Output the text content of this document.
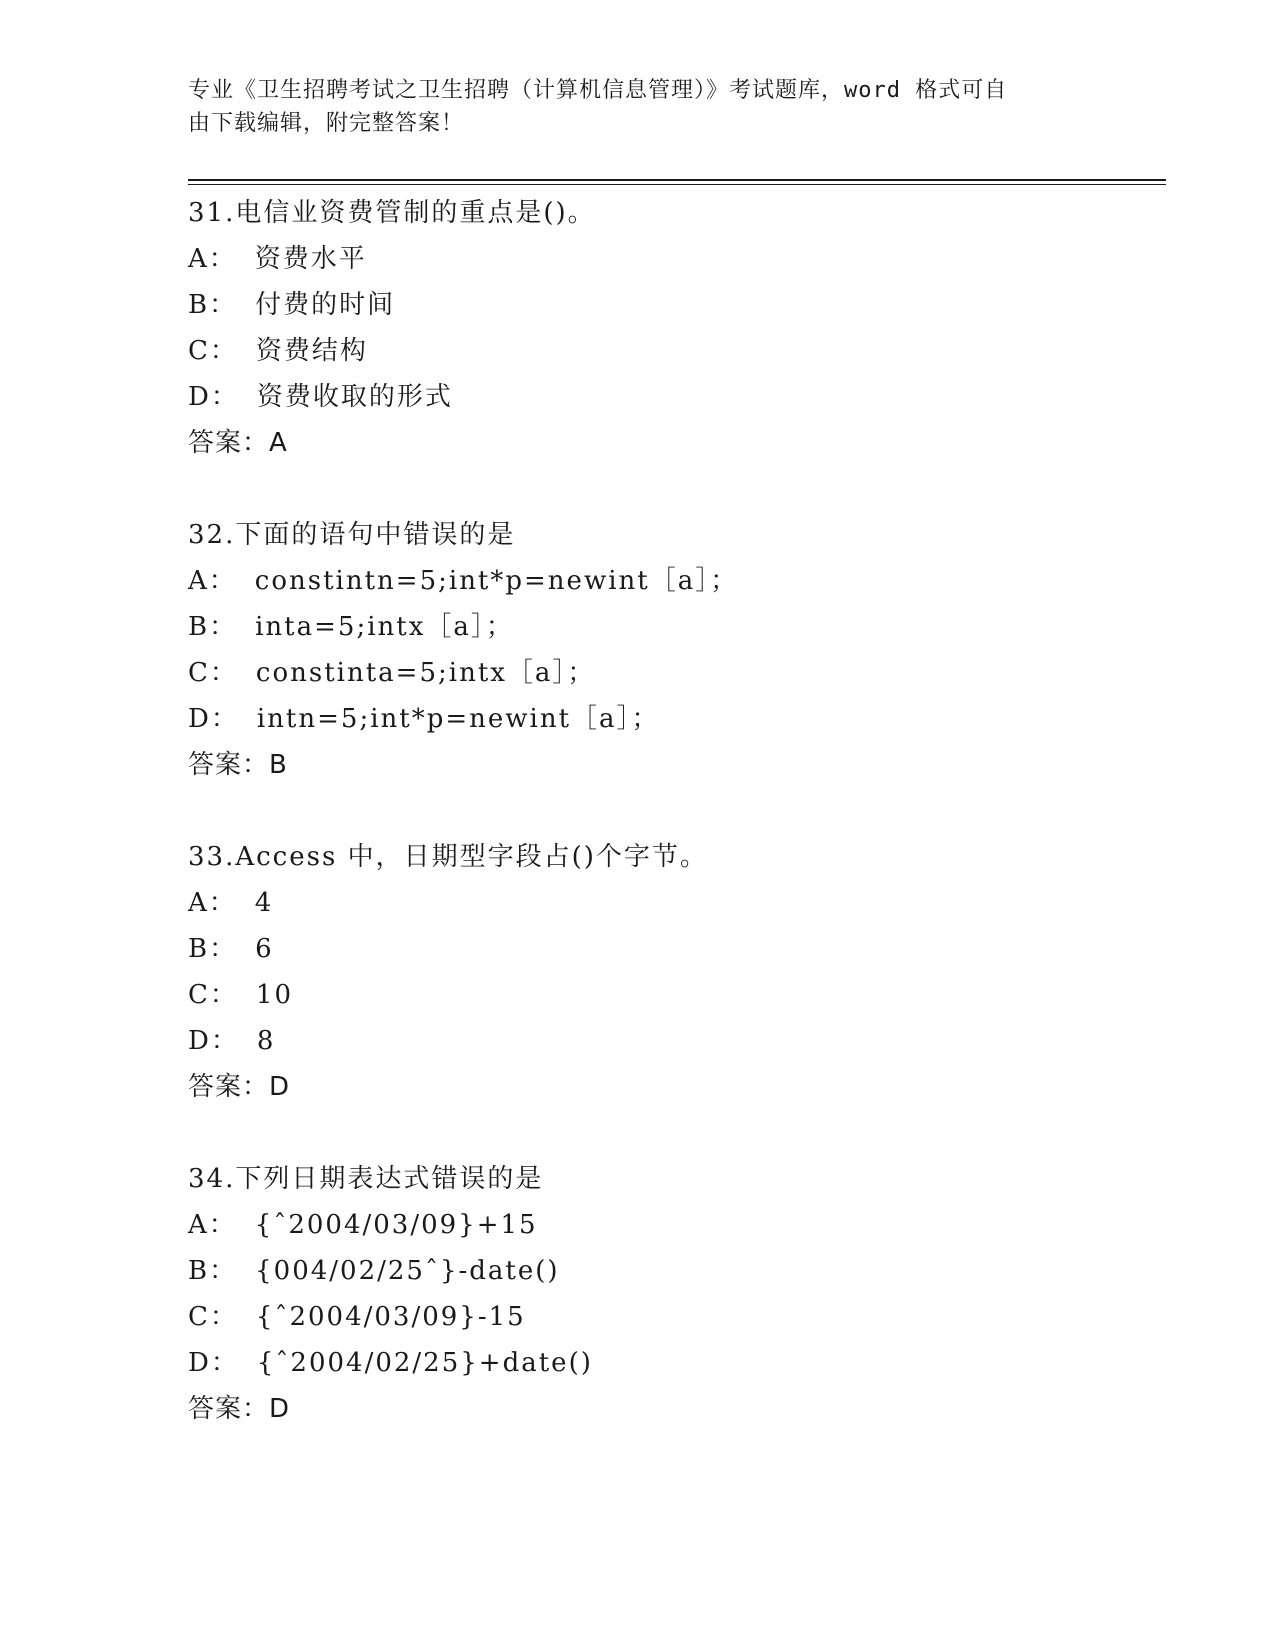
专业《卫生招聘考试之卫生招聘（计算机信息管理）》考试题库，word 格式可自
由下载编辑，附完整答案！
31.电信业资费管制的重点是()。
A： 资费水平
B： 付费的时间
C： 资费结构
D： 资费收取的形式
答案：A
32.下面的语句中错误的是
A： constintn=5;int*p=newint［a］；
B： inta=5;intx［a］；
C： constinta=5;intx［a］；
D： intn=5;int*p=newint［a］；
答案：B
33.Access 中，日期型字段占()个字节。
A： 4
B： 6
C： 10
D： 8
答案：D
34.下列日期表达式错误的是
A： {ˆ2004/03/09}+15
B： {004/02/25ˆ}-date()
C： {ˆ2004/03/09}-15
D： {ˆ2004/02/25}+date()
答案：D
